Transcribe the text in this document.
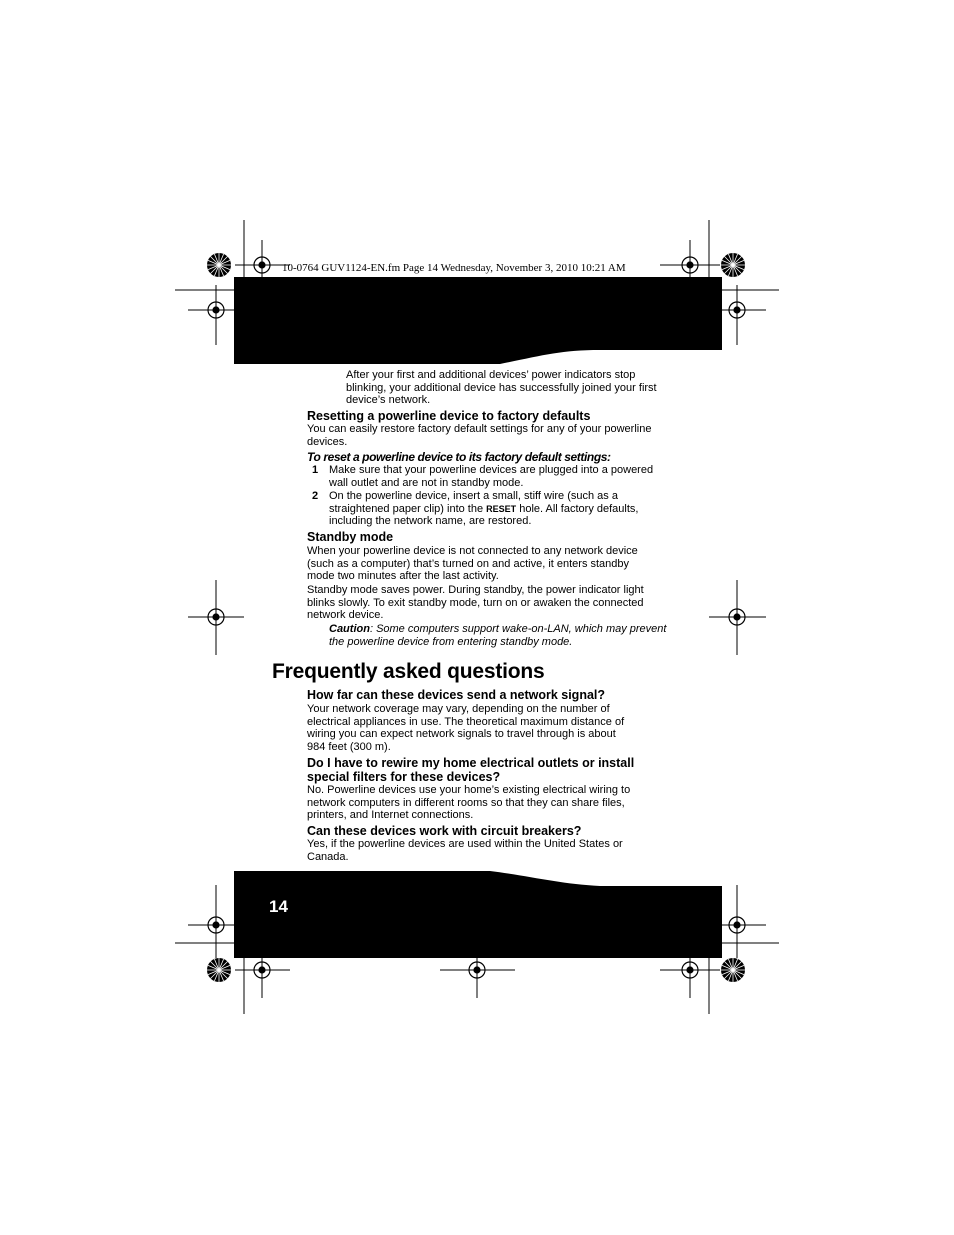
10-0764 GUV1124-EN.fm Page 14 Wednesday, November 3, 2010 10:21 AM
After your first and additional devices’ power indicators stop
blinking, your additional device has successfully joined your first
device’s network.
Resetting a powerline device to factory defaults
You can easily restore factory default settings for any of your powerline
devices.
To reset a powerline device to its factory default settings:
1 Make sure that your powerline devices are plugged into a powered
wall outlet and are not in standby mode.
2 On the powerline device, insert a small, stiff wire (such as a
straightened paper clip) into the RESET hole. All factory defaults,
including the network name, are restored.
Standby mode
When your powerline device is not connected to any network device
(such as a computer) that’s turned on and active, it enters standby
mode two minutes after the last activity.
Standby mode saves power. During standby, the power indicator light
blinks slowly. To exit standby mode, turn on or awaken the connected
network device.
Caution: Some computers support wake-on-LAN, which may prevent
the powerline device from entering standby mode.
Frequently asked questions
How far can these devices send a network signal?
Your network coverage may vary, depending on the number of
electrical appliances in use. The theoretical maximum distance of
wiring you can expect network signals to travel through is about
984 feet (300 m).
Do I have to rewire my home electrical outlets or install
special filters for these devices?
No. Powerline devices use your home’s existing electrical wiring to
network computers in different rooms so that they can share files,
printers, and Internet connections.
Can these devices work with circuit breakers?
Yes, if the powerline devices are used within the United States or
Canada.
14
